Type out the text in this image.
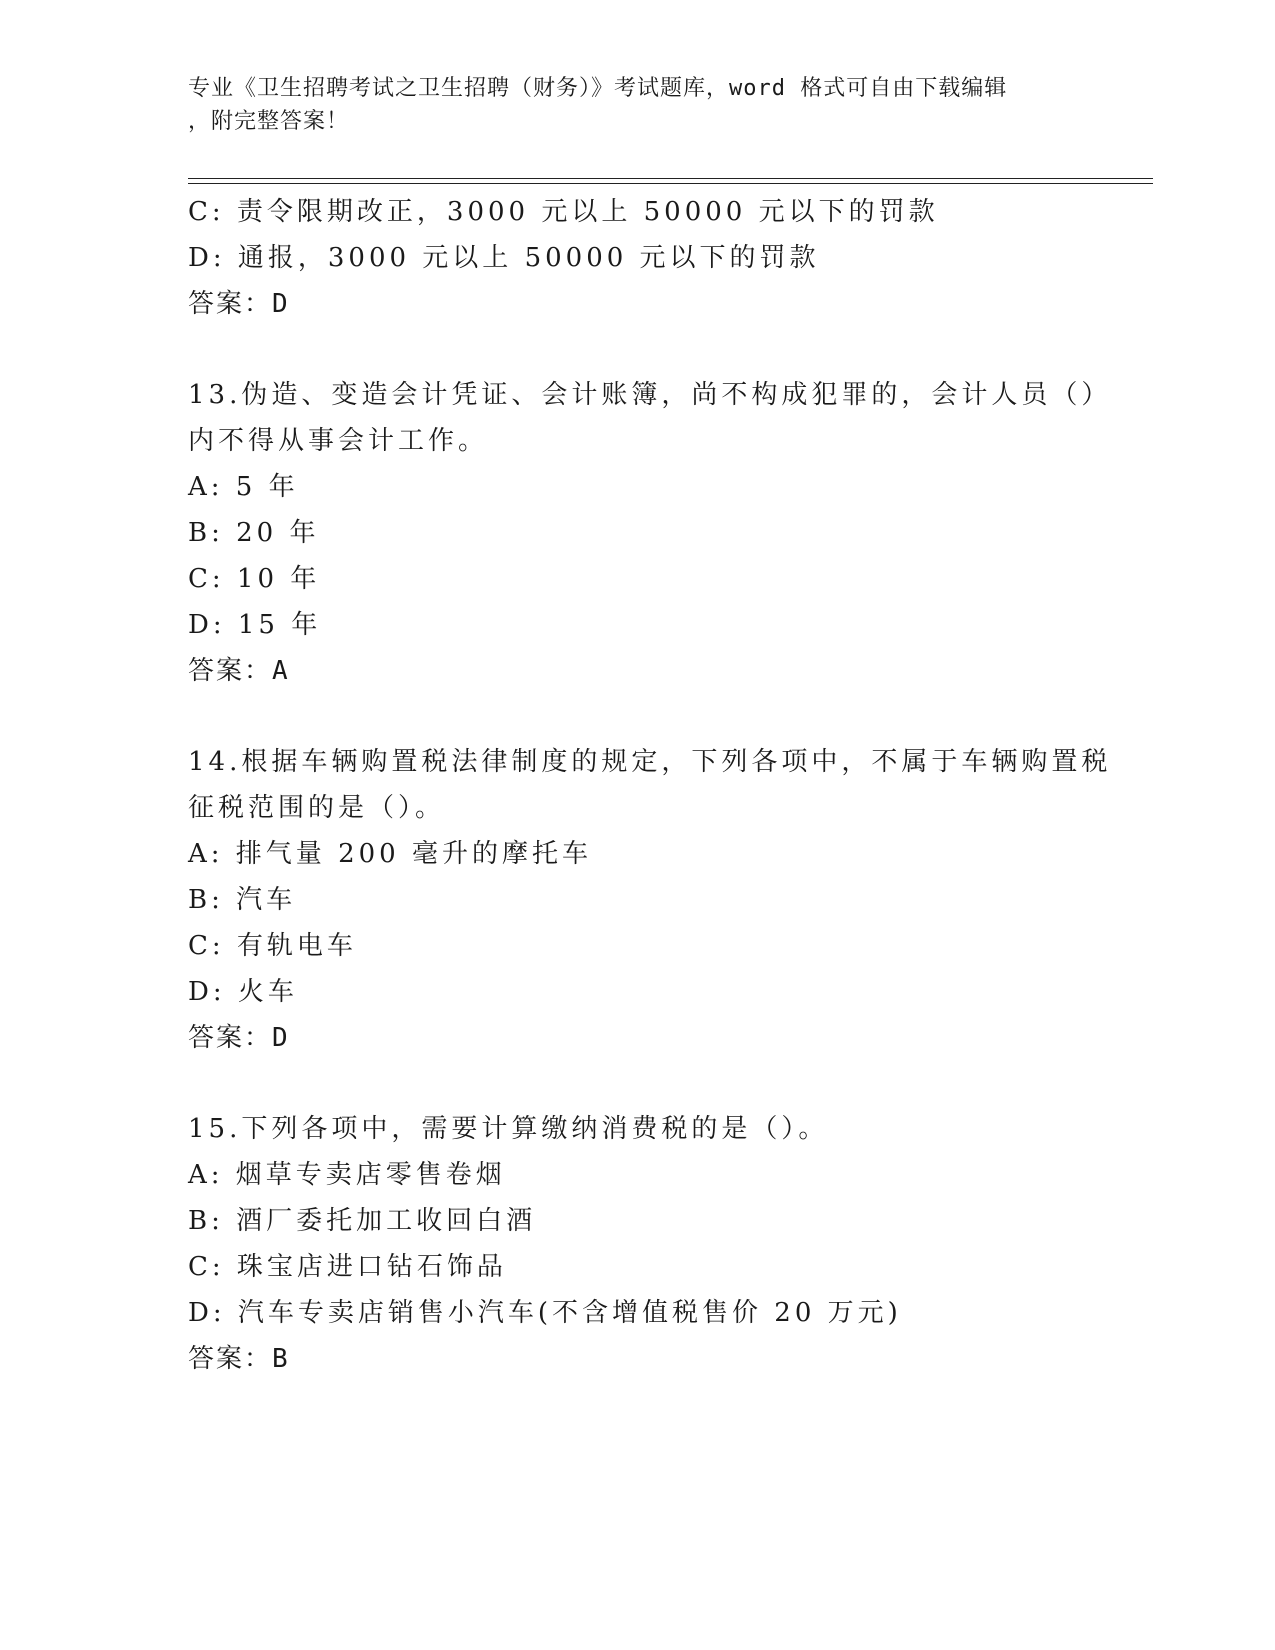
专业《卫生招聘考试之卫生招聘（财务）》考试题库，word 格式可自由下载编辑
，附完整答案！
C: 责令限期改正，3000 元以上 50000 元以下的罚款
D: 通报，3000 元以上 50000 元以下的罚款
答案：D
13.伪造、变造会计凭证、会计账簿，尚不构成犯罪的，会计人员（）
内不得从事会计工作。
A: 5 年
B: 20 年
C: 10 年
D: 15 年
答案：A
14.根据车辆购置税法律制度的规定，下列各项中，不属于车辆购置税
征税范围的是（）。
A: 排气量 200 毫升的摩托车
B: 汽车
C: 有轨电车
D: 火车
答案：D
15.下列各项中，需要计算缴纳消费税的是（）。
A: 烟草专卖店零售卷烟
B: 酒厂委托加工收回白酒
C: 珠宝店进口钻石饰品
D: 汽车专卖店销售小汽车(不含增值税售价 20 万元)
答案：B
